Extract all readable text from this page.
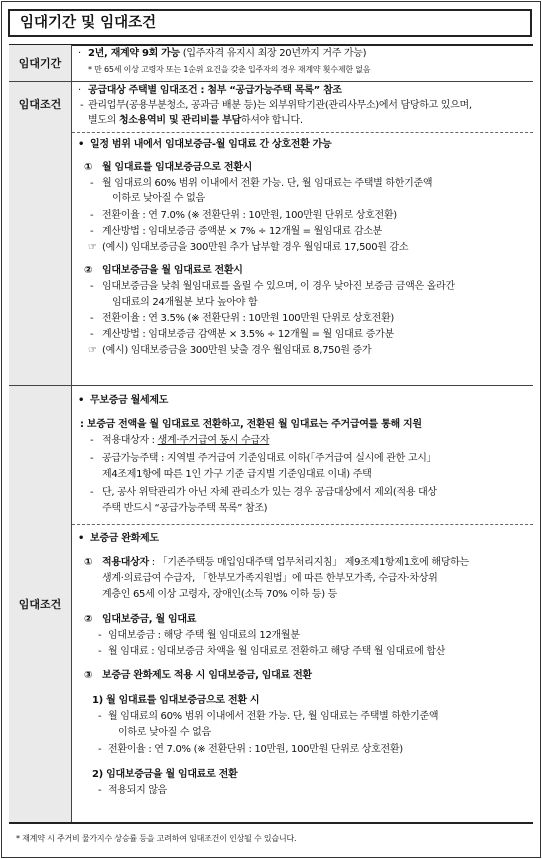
임대기간 및 임대조건
임대기간
임대조건
임대조건
· 2년, 재계약 9회 가능 (입주자격 유지시 최장 20년까지 거주 가능)
* 만 65세 이상 고령자 또는 1순위 요건을 갖춘 입주자의 경우 재계약 횟수제한 없음
· 공급대상 주택별 임대조건 : 첨부 “공급가능주택 목록” 참조
- 관리업무(공용부분청소, 공과금 배분 등)는 외부위탁기관(관리사무소)에서 담당하고 있으며,
별도의 청소용역비 및 관리비를 부담하셔야 합니다.
• 일정 범위 내에서 임대보증금-월 임대료 간 상호전환 가능
① 월 임대료를 임대보증금으로 전환시
- 월 임대료의 60% 범위 이내에서 전환 가능. 단, 월 임대료는 주택별 하한기준액
이하로 낮아질 수 없음
- 전환이율 : 연 7.0% (※ 전환단위 : 10만원, 100만원 단위로 상호전환)
- 계산방법 : 임대보증금 증액분 × 7% ÷ 12개월 = 월임대료 감소분
☞ (예시) 임대보증금을 300만원 추가 납부할 경우 월임대료 17,500원 감소
② 임대보증금을 월 임대료로 전환시
- 임대보증금을 낮춰 월임대료를 올릴 수 있으며, 이 경우 낮아진 보증금 금액은 올라간
임대료의 24개월분 보다 높아야 함
- 전환이율 : 연 3.5% (※ 전환단위 : 10만원 100만원 단위로 상호전환)
- 계산방법 : 임대보증금 감액분 × 3.5% ÷ 12개월 = 월 임대료 증가분
☞ (예시) 임대보증금을 300만원 낮출 경우 월임대료 8,750원 증가
• 무보증금 월세제도
: 보증금 전액을 월 임대료로 전환하고, 전환된 월 임대료는 주거급여를 통해 지원
- 적용대상자 : 생계·주거급여 동시 수급자
- 공급가능주택 : 지역별 주거급여 기준임대료 이하(「주거급여 실시에 관한 고시」
제4조제1항에 따른 1인 가구 기준 급지별 기준임대료 이내) 주택
- 단, 공사 위탁관리가 아닌 자체 관리소가 있는 경우 공급대상에서 제외(적용 대상
주택 반드시 “공급가능주택 목록” 참조)
• 보증금 완화제도
① 적용대상자 : 「기존주택등 매입임대주택 업무처리지침」 제9조제1항제1호에 해당하는
생계·의료급여 수급자, 「한부모가족지원법」에 따른 한부모가족, 수급자·차상위
계층인 65세 이상 고령자, 장애인(소득 70% 이하 등) 등
② 임대보증금, 월 임대료
- 임대보증금 : 해당 주택 월 임대료의 12개월분
- 월 임대료 : 임대보증금 차액을 월 임대료로 전환하고 해당 주택 월 임대료에 합산
③ 보증금 완화제도 적용 시 임대보증금, 임대료 전환
1) 월 임대료를 임대보증금으로 전환 시
- 월 임대료의 60% 범위 이내에서 전환 가능. 단, 월 임대료는 주택별 하한기준액
이하로 낮아질 수 없음
- 전환이율 : 연 7.0% (※ 전환단위 : 10만원, 100만원 단위로 상호전환)
2) 임대보증금을 월 임대료로 전환
- 적용되지 않음
* 재계약 시 주거비 물가지수 상승률 등을 고려하여 임대조건이 인상될 수 있습니다.
